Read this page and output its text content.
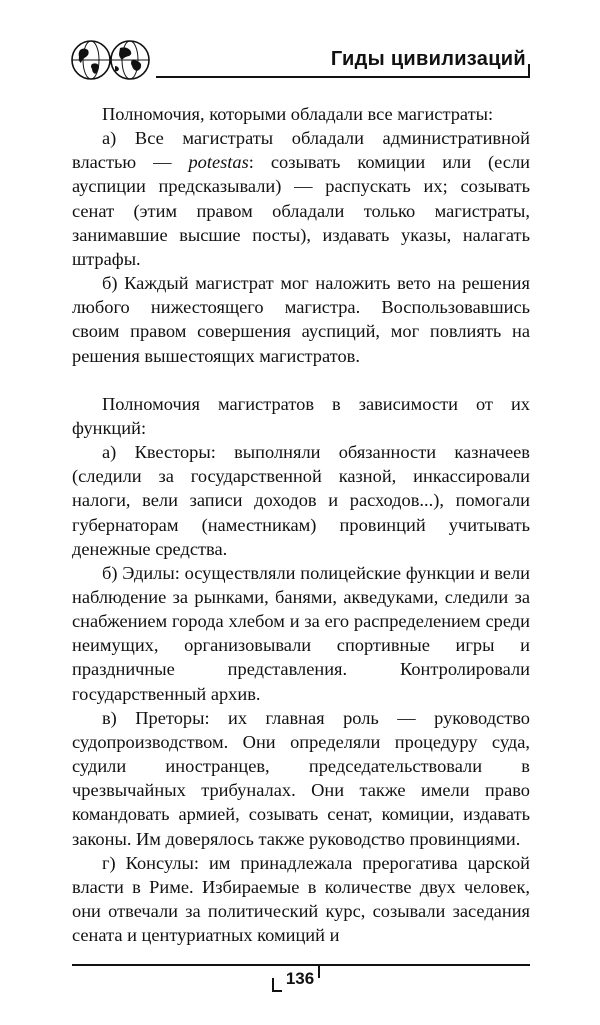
Гиды цивилизаций

Полномочия, которыми обладали все магистраты:

а) Все магистраты обладали административной властью — potestas: созывать комиции или (если ауспиции предсказывали) — распускать их; созывать сенат (этим правом обладали только магистраты, занимавшие высшие посты), издавать указы, налагать штрафы.

б) Каждый магистрат мог наложить вето на решения любого нижестоящего магистра. Воспользовавшись своим правом совершения ауспиций, мог повлиять на решения вышестоящих магистратов.

Полномочия магистратов в зависимости от их функций:

а) Квесторы: выполняли обязанности казначеев (следили за государственной казной, инкассировали налоги, вели записи доходов и расходов...), помогали губернаторам (наместникам) провинций учитывать денежные средства.

б) Эдилы: осуществляли полицейские функции и вели наблюдение за рынками, банями, акведуками, следили за снабжением города хлебом и за его распределением среди неимущих, организовывали спортивные игры и праздничные представления. Контролировали государственный архив.

в) Преторы: их главная роль — руководство судопроизводством. Они определяли процедуру суда, судили иностранцев, председательствовали в чрезвычайных трибуналах. Они также имели право командовать армией, созывать сенат, комиции, издавать законы. Им доверялось также руководство провинциями.

г) Консулы: им принадлежала прерогатива царской власти в Риме. Избираемые в количестве двух человек, они отвечали за политический курс, созывали заседания сената и центуриатных комиций и

136
